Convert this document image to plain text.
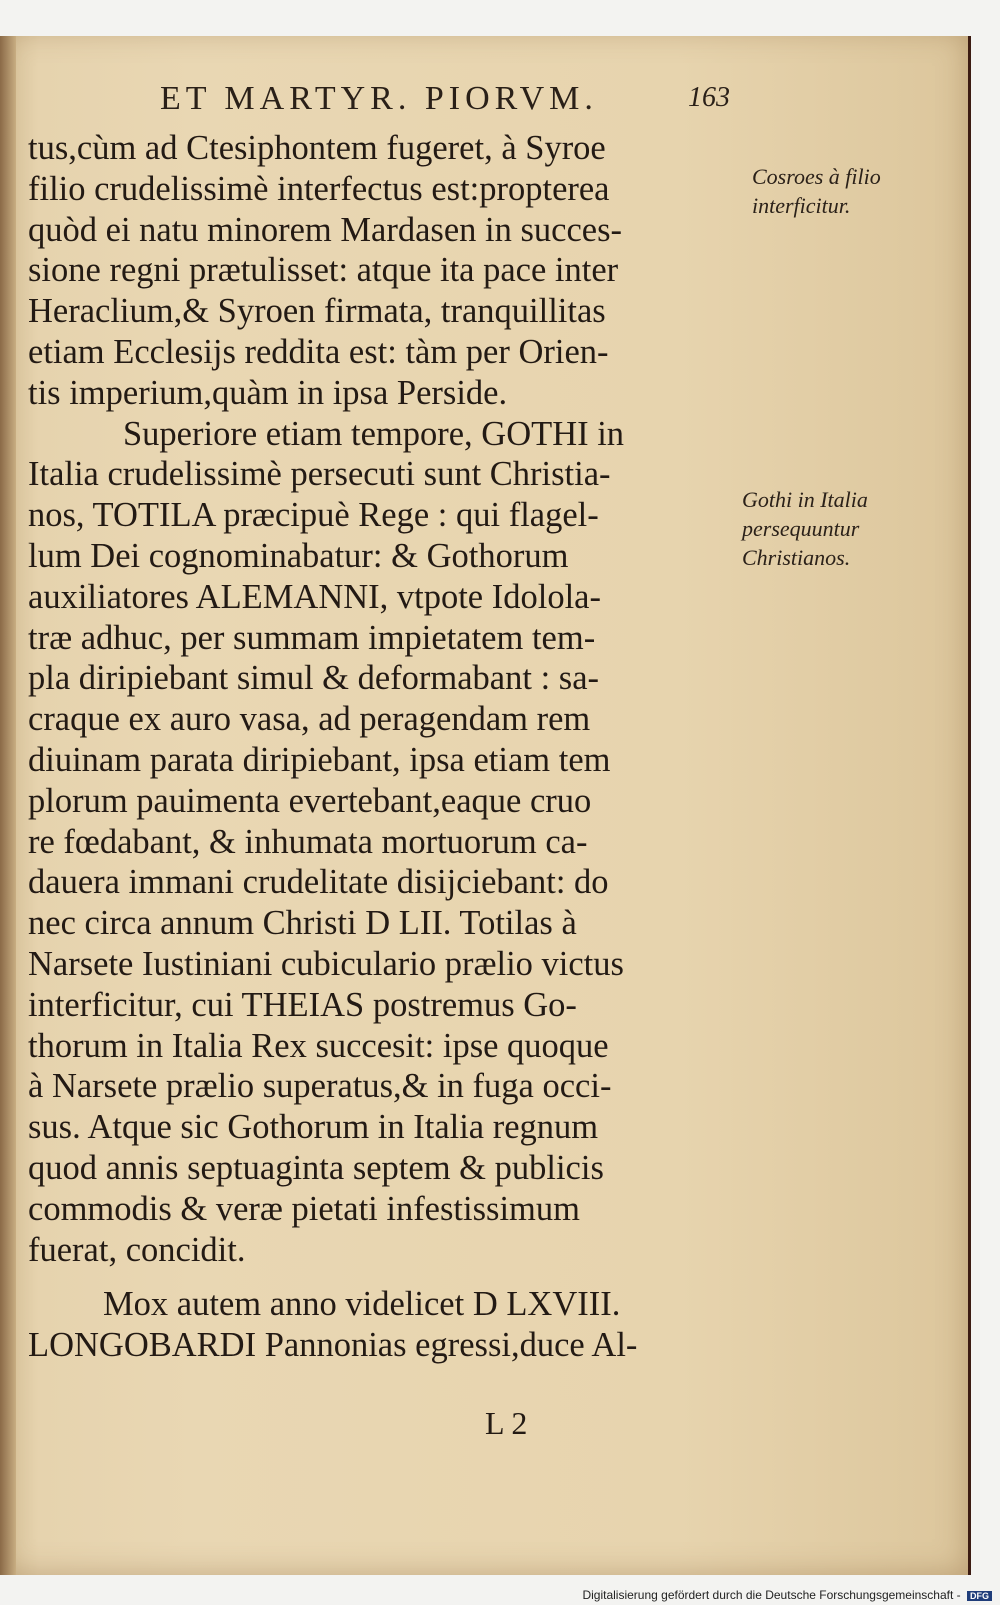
ET MARTYR. PIORVM.	163
tus,cùm ad Ctesiphontem fugeret, à Syroe
filio crudelissimè interfectus est:propterea
quòd ei natu minorem Mardasen in succes-
sione regni prætulisset: atque ita pace inter
Heraclium,& Syroen firmata, tranquillitas
etiam Ecclesijs reddita est: tàm per Orien-
tis imperium,quàm in ipsa Perside.
Superiore etiam tempore, GOTHI in
Italia crudelissimè persecuti sunt Christia-
nos, TOTILA præcipuè Rege : qui flagel-
lum Dei cognominabatur: & Gothorum
auxiliatores ALEMANNI, vtpote Idolola-
træ adhuc, per summam impietatem tem-
pla diripiebant simul & deformabant : sa-
craque ex auro vasa, ad peragendam rem
diuinam parata diripiebant, ipsa etiam tem
plorum pauimenta evertebant,eaque cruo
re fœdabant, & inhumata mortuorum ca-
dauera immani crudelitate disijciebant: do
nec circa annum Christi D LII. Totilas à
Narsete Iustiniani cubiculario prælio victus
interficitur, cui THEIAS postremus Go-
thorum in Italia Rex succesit: ipse quoque
à Narsete prælio superatus,& in fuga occi-
sus. Atque sic Gothorum in Italia regnum
quod annis septuaginta septem & publicis
commodis & veræ pietati infestissimum
fuerat, concidit.
Mox autem anno videlicet D LXVIII.
LONGOBARDI Pannonias egressi,duce Al-
Cosroes à filio
interficitur.
Gothi in Italia
persequuntur
Christianos.
L 2
Digitalisierung gefördert durch die Deutsche Forschungsgemeinschaft - DFG
